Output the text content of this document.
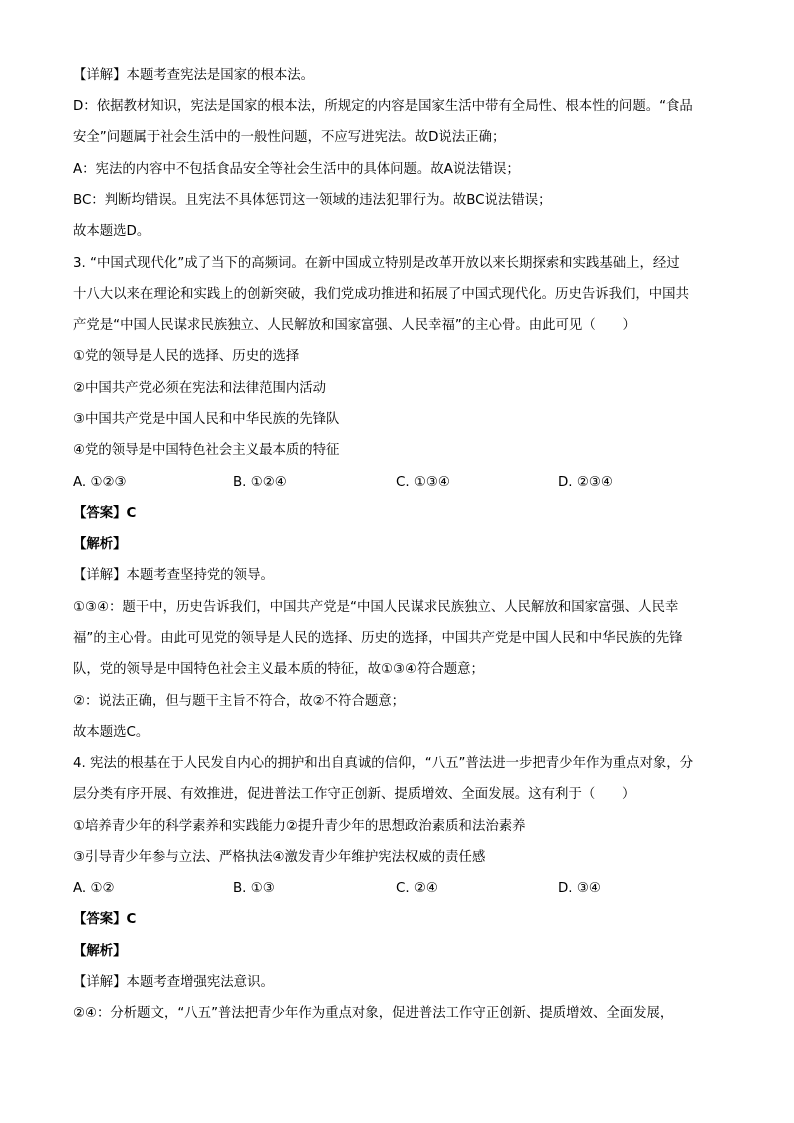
【详解】本题考查宪法是国家的根本法。
D：依据教材知识，宪法是国家的根本法，所规定的内容是国家生活中带有全局性、根本性的问题。“食品
安全”问题属于社会生活中的一般性问题，不应写进宪法。故D说法正确；
A：宪法的内容中不包括食品安全等社会生活中的具体问题。故A说法错误；
BC：判断均错误。且宪法不具体惩罚这一领域的违法犯罪行为。故BC说法错误；
故本题选D。
3. “中国式现代化”成了当下的高频词。在新中国成立特别是改革开放以来长期探索和实践基础上，经过
十八大以来在理论和实践上的创新突破，我们党成功推进和拓展了中国式现代化。历史告诉我们，中国共
产党是“中国人民谋求民族独立、人民解放和国家富强、人民幸福”的主心骨。由此可见（　　）
①党的领导是人民的选择、历史的选择
②中国共产党必须在宪法和法律范围内活动
③中国共产党是中国人民和中华民族的先锋队
④党的领导是中国特色社会主义最本质的特征
A. ①②③	B. ①②④	C. ①③④	D. ②③④
【答案】C
【解析】
【详解】本题考查坚持党的领导。
①③④：题干中，历史告诉我们，中国共产党是“中国人民谋求民族独立、人民解放和国家富强、人民幸
福”的主心骨。由此可见党的领导是人民的选择、历史的选择，中国共产党是中国人民和中华民族的先锋
队，党的领导是中国特色社会主义最本质的特征，故①③④符合题意；
②：说法正确，但与题干主旨不符合，故②不符合题意；
故本题选C。
4. 宪法的根基在于人民发自内心的拥护和出自真诚的信仰，“八五”普法进一步把青少年作为重点对象，分
层分类有序开展、有效推进，促进普法工作守正创新、提质增效、全面发展。这有利于（　　）
①培养青少年的科学素养和实践能力②提升青少年的思想政治素质和法治素养
③引导青少年参与立法、严格执法④激发青少年维护宪法权威的责任感
A. ①②	B. ①③	C. ②④	D. ③④
【答案】C
【解析】
【详解】本题考查增强宪法意识。
②④：分析题文，“八五”普法把青少年作为重点对象，促进普法工作守正创新、提质增效、全面发展，
